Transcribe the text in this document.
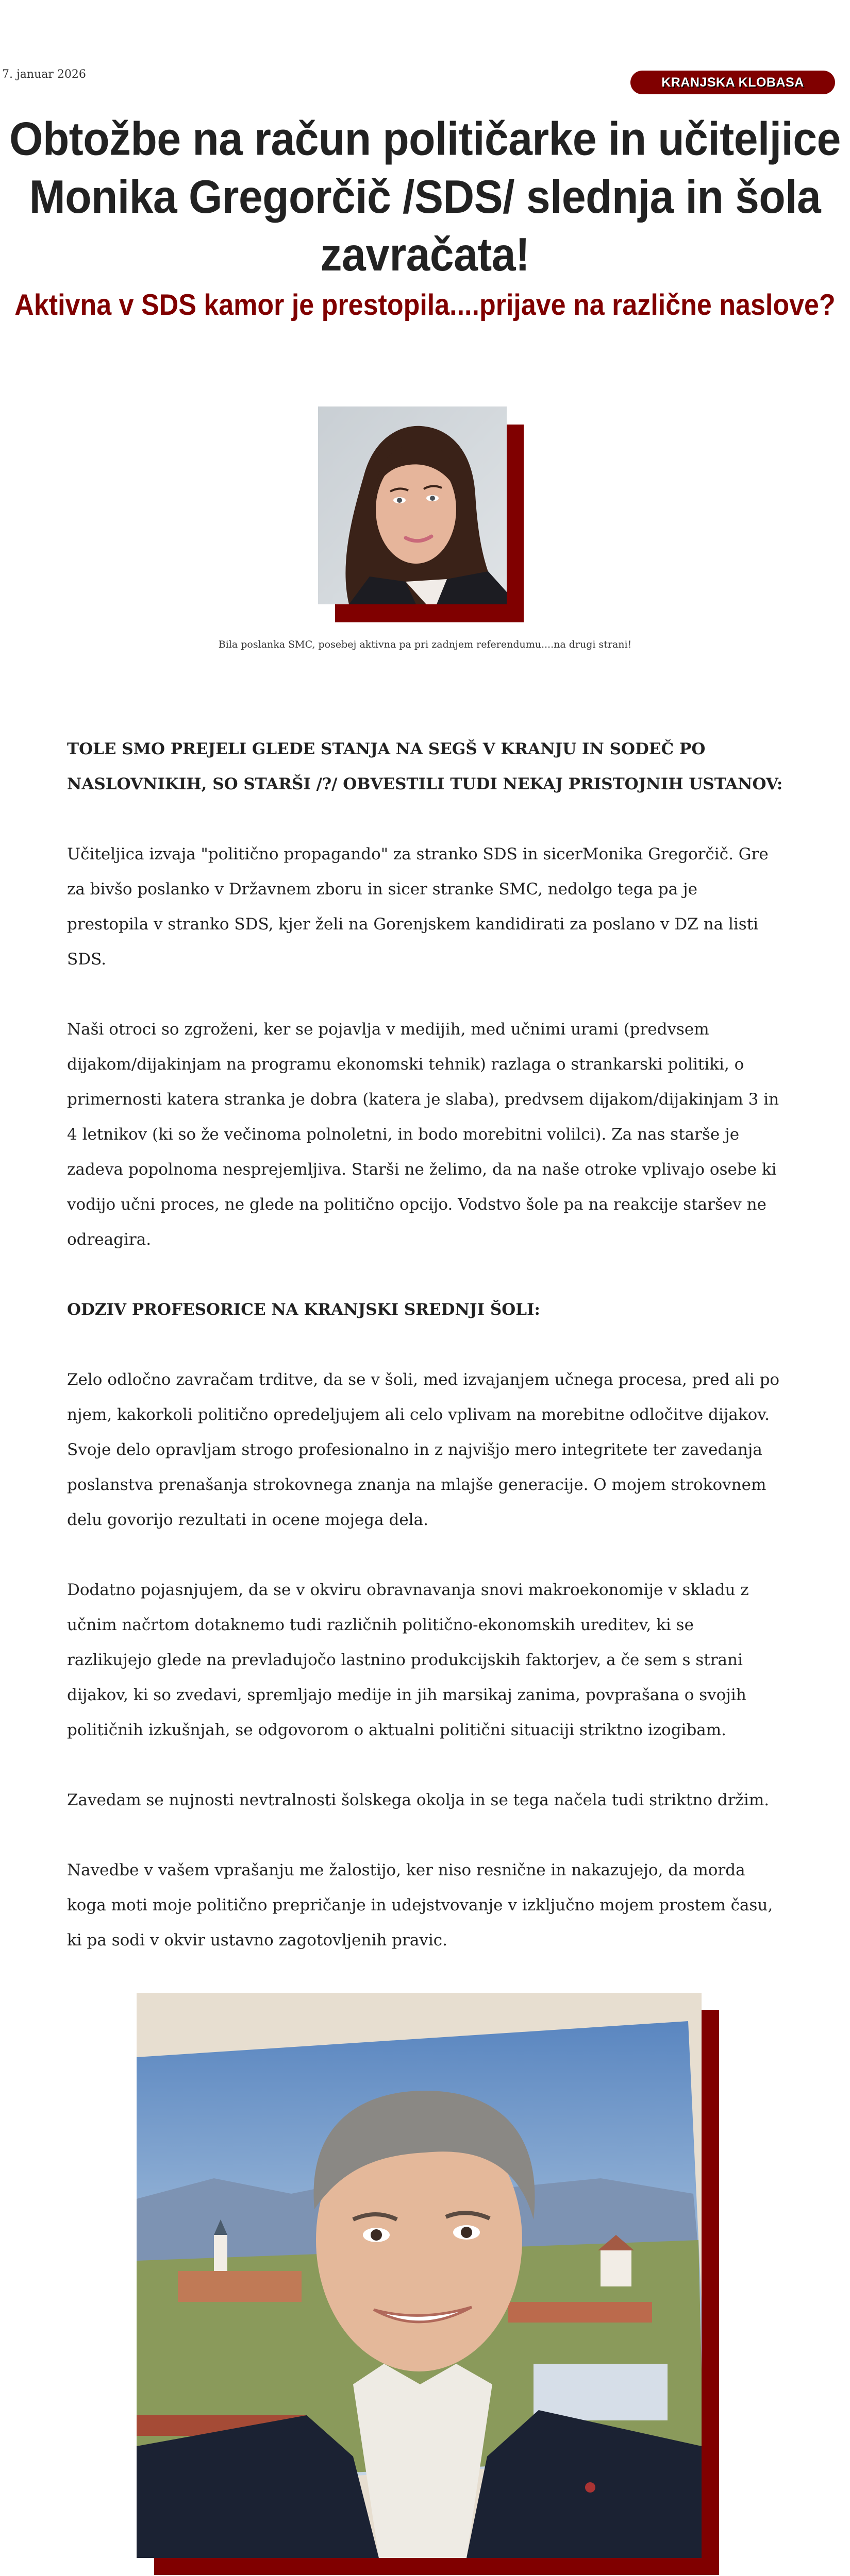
7. januar 2026
KRANJSKA KLOBASA
Obtožbe na račun političarke in učiteljice Monika Gregorčič /SDS/ slednja in šola zavračata!
Aktivna v SDS kamor je prestopila....prijave na različne naslove?
Bila poslanka SMC, posebej aktivna pa pri zadnjem referendumu....na drugi strani!

TOLE SMO PREJELI GLEDE STANJA NA SEGŠ V KRANJU IN SODEČ PO NASLOVNIKIH, SO STARŠI /?/ OBVESTILI TUDI NEKAJ PRISTOJNIH USTANOV:

Učiteljica izvaja "politično propagando" za stranko SDS in sicerMonika Gregorčič. Gre za bivšo poslanko v Državnem zboru in sicer stranke SMC, nedolgo tega pa je prestopila v stranko SDS, kjer želi na Gorenjskem kandidirati za poslano v DZ na listi SDS.

Naši otroci so zgroženi, ker se pojavlja v medijih, med učnimi urami (predvsem dijakom/dijakinjam na programu ekonomski tehnik) razlaga o strankarski politiki, o primernosti katera stranka je dobra (katera je slaba), predvsem dijakom/dijakinjam 3 in 4 letnikov (ki so že večinoma polnoletni, in bodo morebitni volilci). Za nas starše je zadeva popolnoma nesprejemljiva. Starši ne želimo, da na naše otroke vplivajo osebe ki vodijo učni proces, ne glede na politično opcijo. Vodstvo šole pa na reakcije staršev ne odreagira.

ODZIV PROFESORICE NA KRANJSKI SREDNJI ŠOLI:

Zelo odločno zavračam trditve, da se v šoli, med izvajanjem učnega procesa, pred ali po njem, kakorkoli politično opredeljujem ali celo vplivam na morebitne odločitve dijakov. Svoje delo opravljam strogo profesionalno in z najvišjo mero integritete ter zavedanja poslanstva prenašanja strokovnega znanja na mlajše generacije. O mojem strokovnem delu govorijo rezultati in ocene mojega dela.

Dodatno pojasnjujem, da se v okviru obravnavanja snovi makroekonomije v skladu z učnim načrtom dotaknemo tudi različnih politično-ekonomskih ureditev, ki se razlikujejo glede na prevladujočo lastnino produkcijskih faktorjev, a če sem s strani dijakov, ki so zvedavi, spremljajo medije in jih marsikaj zanima, povprašana o svojih političnih izkušnjah, se odgovorom o aktualni politični situaciji striktno izogibam.

Zavedam se nujnosti nevtralnosti šolskega okolja in se tega načela tudi striktno držim.

Navedbe v vašem vprašanju me žalostijo, ker niso resnične in nakazujejo, da morda koga moti moje politično prepričanje in udejstvovanje v izključno mojem prostem času, ki pa sodi v okvir ustavno zagotovljenih pravic.
